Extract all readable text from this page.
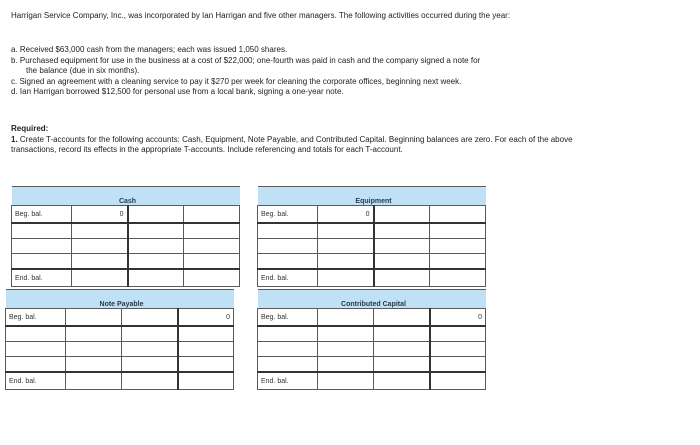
Harrigan Service Company, Inc., was incorporated by Ian Harrigan and five other managers. The following activities occurred during the year:

a. Received $63,000 cash from the managers; each was issued 1,050 shares.
b. Purchased equipment for use in the business at a cost of $22,000; one-fourth was paid in cash and the company signed a note for
the balance (due in six months).
c. Signed an agreement with a cleaning service to pay it $270 per week for cleaning the corporate offices, beginning next week.
d. Ian Harrigan borrowed $12,500 for personal use from a local bank, signing a one-year note.
Required:
1. Create T-accounts for the following accounts: Cash, Equipment, Note Payable, and Contributed Capital. Beginning balances are zero. For each of the above transactions, record its effects in the appropriate T-accounts. Include referencing and totals for each T-account.
	Cash		
Beg. bal.	0		

End. bal.			
	Equipment		
Beg. bal.	0		

End. bal.			
	Note Payable		
Beg. bal.			0

End. bal.			
	Contributed Capital		
Beg. bal.			0

End. bal.			
